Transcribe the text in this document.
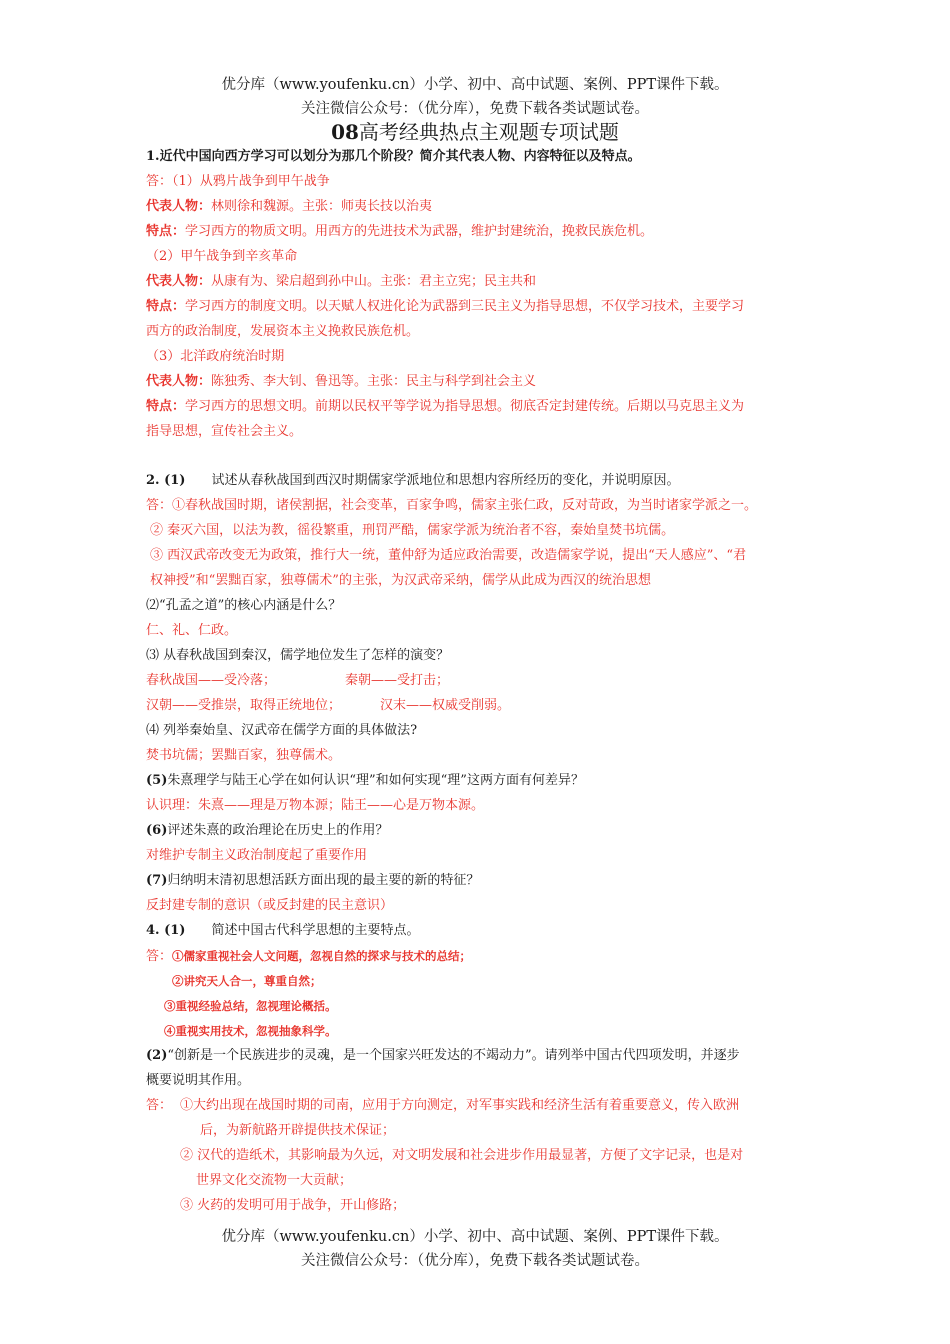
优分库（www.youfenku.cn）小学、初中、高中试题、案例、PPT课件下载。
关注微信公众号：（优分库），免费下载各类试题试卷。
08高考经典热点主观题专项试题
1.近代中国向西方学习可以划分为那几个阶段？简介其代表人物、内容特征以及特点。
答：（1）从鸦片战争到甲午战争
代表人物：林则徐和魏源。主张：师夷长技以治夷
特点：学习西方的物质文明。用西方的先进技术为武器，维护封建统治，挽救民族危机。
（2）甲午战争到辛亥革命
代表人物：从康有为、梁启超到孙中山。主张：君主立宪；民主共和
特点：学习西方的制度文明。以天赋人权进化论为武器到三民主义为指导思想，不仅学习技术，主要学习
西方的政治制度，发展资本主义挽救民族危机。
（3）北洋政府统治时期
代表人物：陈独秀、李大钊、鲁迅等。主张：民主与科学到社会主义
特点：学习西方的思想文明。前期以民权平等学说为指导思想。彻底否定封建传统。后期以马克思主义为
指导思想，宣传社会主义。
2. (1) 试述从春秋战国到西汉时期儒家学派地位和思想内容所经历的变化，并说明原因。
答：①春秋战国时期，诸侯割据，社会变革，百家争鸣，儒家主张仁政，反对苛政，为当时诸家学派之一。
② 秦灭六国，以法为教，徭役繁重，刑罚严酷，儒家学派为统治者不容，秦始皇焚书坑儒。
③ 西汉武帝改变无为政策，推行大一统，董仲舒为适应政治需要，改造儒家学说，提出“天人感应”、“君
权神授”和“罢黜百家，独尊儒术”的主张，为汉武帝采纳，儒学从此成为西汉的统治思想
⑵“孔孟之道”的核心内涵是什么？
仁、礼、仁政。
⑶ 从春秋战国到秦汉，儒学地位发生了怎样的演变？
春秋战国——受冷落；	秦朝——受打击；
汉朝——受推崇，取得正统地位；	汉末——权威受削弱。
⑷ 列举秦始皇、汉武帝在儒学方面的具体做法?
焚书坑儒；罢黜百家，独尊儒术。
(5)朱熹理学与陆王心学在如何认识“理”和如何实现“理”这两方面有何差异？
认识理：朱熹——理是万物本源；陆王——心是万物本源。
(6)评述朱熹的政治理论在历史上的作用？
对维护专制主义政治制度起了重要作用
(7)归纳明末清初思想活跃方面出现的最主要的新的特征？
反封建专制的意识（或反封建的民主意识）
4. (1) 简述中国古代科学思想的主要特点。
答：①儒家重视社会人文问题，忽视自然的探求与技术的总结；
②讲究天人合一，尊重自然；
③重视经验总结，忽视理论概括。
④重视实用技术，忽视抽象科学。
(2)“创新是一个民族进步的灵魂，是一个国家兴旺发达的不竭动力”。请列举中国古代四项发明，并逐步
概要说明其作用。
答： ①大约出现在战国时期的司南，应用于方向测定，对军事实践和经济生活有着重要意义，传入欧洲
后，为新航路开辟提供技术保证；
② 汉代的造纸术，其影响最为久远，对文明发展和社会进步作用最显著，方便了文字记录，也是对
世界文化交流物一大贡献；
③ 火药的发明可用于战争，开山修路；
优分库（www.youfenku.cn）小学、初中、高中试题、案例、PPT课件下载。
关注微信公众号：（优分库），免费下载各类试题试卷。
